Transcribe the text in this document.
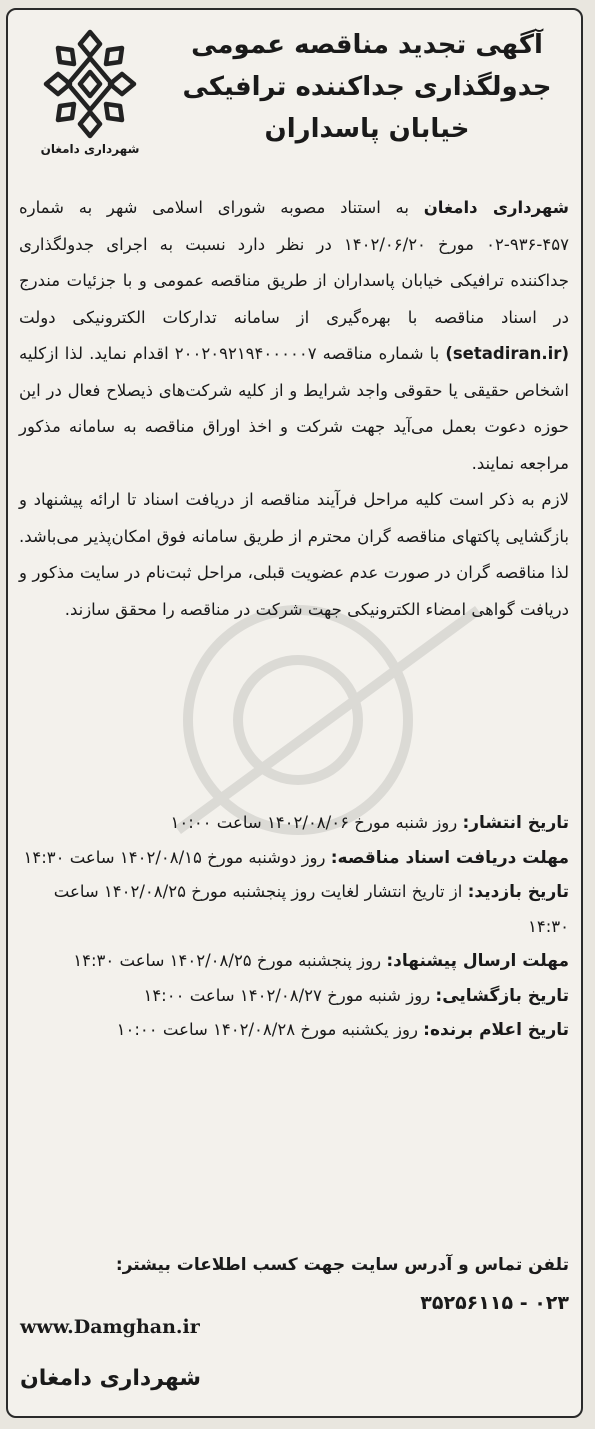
شهرداری دامغان
آگهی تجدید مناقصه عمومی
جدولگذاری جداکننده ترافیکی
خیابان پاسداران

شهرداری دامغان به استناد مصوبه شورای اسلامی شهر به شماره ۴۵۷-۹۳۶-۰۲ مورخ ۱۴۰۲/۰۶/۲۰ در نظر دارد نسبت به اجرای جدولگذاری جداکننده ترافیکی خیابان پاسداران از طریق مناقصه عمومی و با جزئیات مندرج در اسناد مناقصه با بهره‌گیری از سامانه تدارکات الکترونیکی دولت (setadiran.ir) با شماره مناقصه ۲۰۰۲۰۹۲۱۹۴۰۰۰۰۰۷ اقدام نماید. لذا ازکلیه اشخاص حقیقی یا حقوقی واجد شرایط و از کلیه شرکت‌های ذیصلاح فعال در این حوزه دعوت بعمل می‌آید جهت شرکت و اخذ اوراق مناقصه به سامانه مذکور مراجعه نمایند.

لازم به ذکر است کلیه مراحل فرآیند مناقصه از دریافت اسناد تا ارائه پیشنهاد و بازگشایی پاکتهای مناقصه گران محترم از طریق سامانه فوق امکان‌پذیر می‌باشد. لذا مناقصه گران در صورت عدم عضویت قبلی، مراحل ثبت‌نام در سایت مذکور و دریافت گواهی امضاء الکترونیکی جهت شرکت در مناقصه را محقق سازند.

تاریخ انتشار: روز شنبه مورخ ۱۴۰۲/۰۸/۰۶ ساعت ۱۰:۰۰

مهلت دریافت اسناد مناقصه: روز دوشنبه مورخ ۱۴۰۲/۰۸/۱۵ ساعت ۱۴:۳۰

تاریخ بازدید: از تاریخ انتشار لغایت روز پنجشنبه مورخ ۱۴۰۲/۰۸/۲۵ ساعت ۱۴:۳۰

مهلت ارسال پیشنهاد: روز پنجشنبه مورخ ۱۴۰۲/۰۸/۲۵ ساعت ۱۴:۳۰

تاریخ بازگشایی: روز شنبه مورخ ۱۴۰۲/۰۸/۲۷ ساعت ۱۴:۰۰

تاریخ اعلام برنده: روز یکشنبه مورخ ۱۴۰۲/۰۸/۲۸ ساعت ۱۰:۰۰

تلفن تماس و آدرس سایت جهت کسب اطلاعات بیشتر:
۰۲۳ - ۳۵۲۵۶۱۱۵
www.Damghan.ir
شهرداری دامغان
